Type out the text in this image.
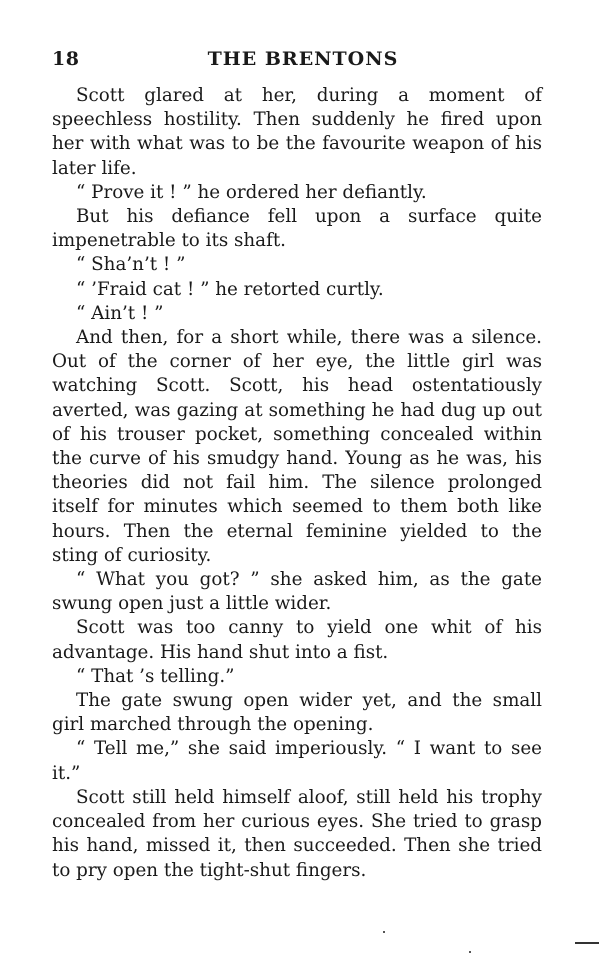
18	THE BRENTONS

Scott glared at her, during a moment of speechless hostility. Then suddenly he fired upon her with what was to be the favourite weapon of his later life.

“ Prove it ! ” he ordered her defiantly.

But his defiance fell upon a surface quite impenetrable to its shaft.

“ Sha’n’t ! ”

“ ’Fraid cat ! ” he retorted curtly.

“ Ain’t ! ”

And then, for a short while, there was a silence. Out of the corner of her eye, the little girl was watching Scott. Scott, his head ostentatiously averted, was gazing at something he had dug up out of his trouser pocket, something concealed within the curve of his smudgy hand. Young as he was, his theories did not fail him. The silence prolonged itself for minutes which seemed to them both like hours. Then the eternal feminine yielded to the sting of curiosity.

“ What you got? ” she asked him, as the gate swung open just a little wider.

Scott was too canny to yield one whit of his advantage. His hand shut into a fist.

“ That ’s telling.”

The gate swung open wider yet, and the small girl marched through the opening.

“ Tell me,” she said imperiously. “ I want to see it.”

Scott still held himself aloof, still held his trophy concealed from her curious eyes. She tried to grasp his hand, missed it, then succeeded. Then she tried to pry open the tight-shut fingers.
